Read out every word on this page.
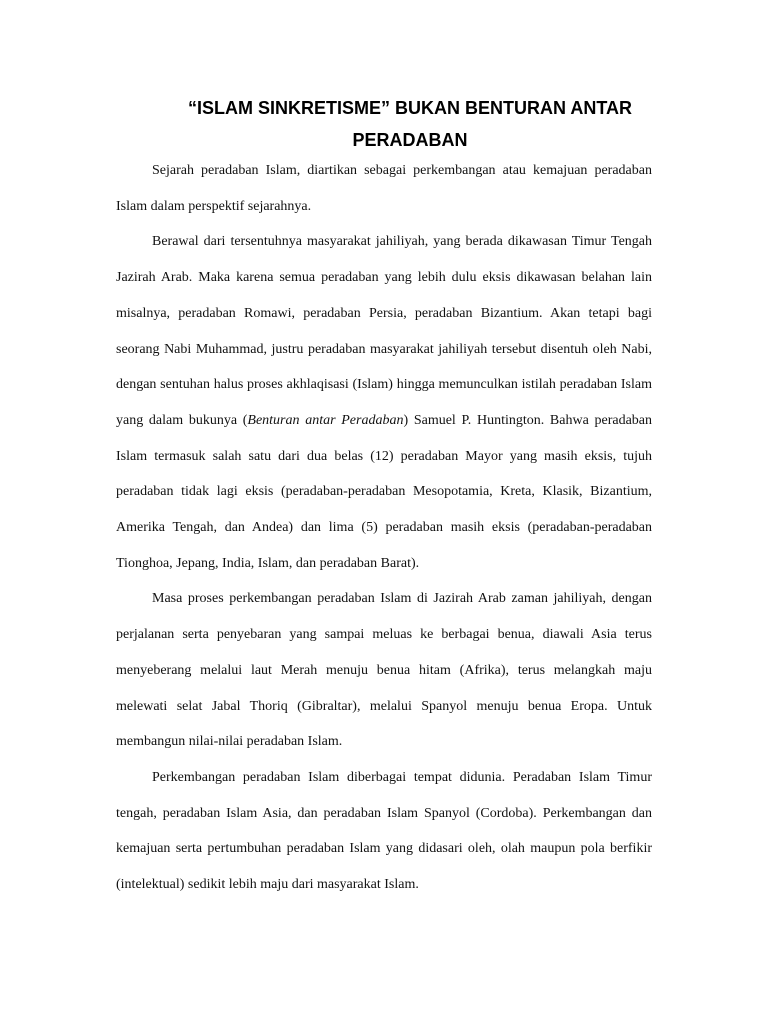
“ISLAM SINKRETISME” BUKAN BENTURAN ANTAR
PERADABAN

Sejarah peradaban Islam, diartikan sebagai perkembangan atau kemajuan peradaban Islam dalam perspektif sejarahnya.

Berawal dari tersentuhnya masyarakat jahiliyah, yang berada dikawasan Timur Tengah Jazirah Arab. Maka karena semua peradaban yang lebih dulu eksis dikawasan belahan lain misalnya, peradaban Romawi, peradaban Persia, peradaban Bizantium. Akan tetapi bagi seorang Nabi Muhammad, justru peradaban masyarakat jahiliyah tersebut disentuh oleh Nabi, dengan sentuhan halus proses akhlaqisasi (Islam) hingga memunculkan istilah peradaban Islam yang dalam bukunya (Benturan antar Peradaban) Samuel P. Huntington. Bahwa peradaban Islam termasuk salah satu dari dua belas (12) peradaban Mayor yang masih eksis, tujuh peradaban tidak lagi eksis (peradaban-peradaban Mesopotamia, Kreta, Klasik, Bizantium, Amerika Tengah, dan Andea) dan lima (5) peradaban masih eksis (peradaban-peradaban Tionghoa, Jepang, India, Islam, dan peradaban Barat).

Masa proses perkembangan peradaban Islam di Jazirah Arab zaman jahiliyah, dengan perjalanan serta penyebaran yang sampai meluas ke berbagai benua, diawali Asia terus menyeberang melalui laut Merah menuju benua hitam (Afrika), terus melangkah maju melewati selat Jabal Thoriq (Gibraltar), melalui Spanyol menuju benua Eropa. Untuk membangun nilai-nilai peradaban Islam.

Perkembangan peradaban Islam diberbagai tempat didunia. Peradaban Islam Timur tengah, peradaban Islam Asia, dan peradaban Islam Spanyol (Cordoba). Perkembangan dan kemajuan serta pertumbuhan peradaban Islam yang didasari oleh, olah maupun pola berfikir (intelektual) sedikit lebih maju dari masyarakat Islam.
